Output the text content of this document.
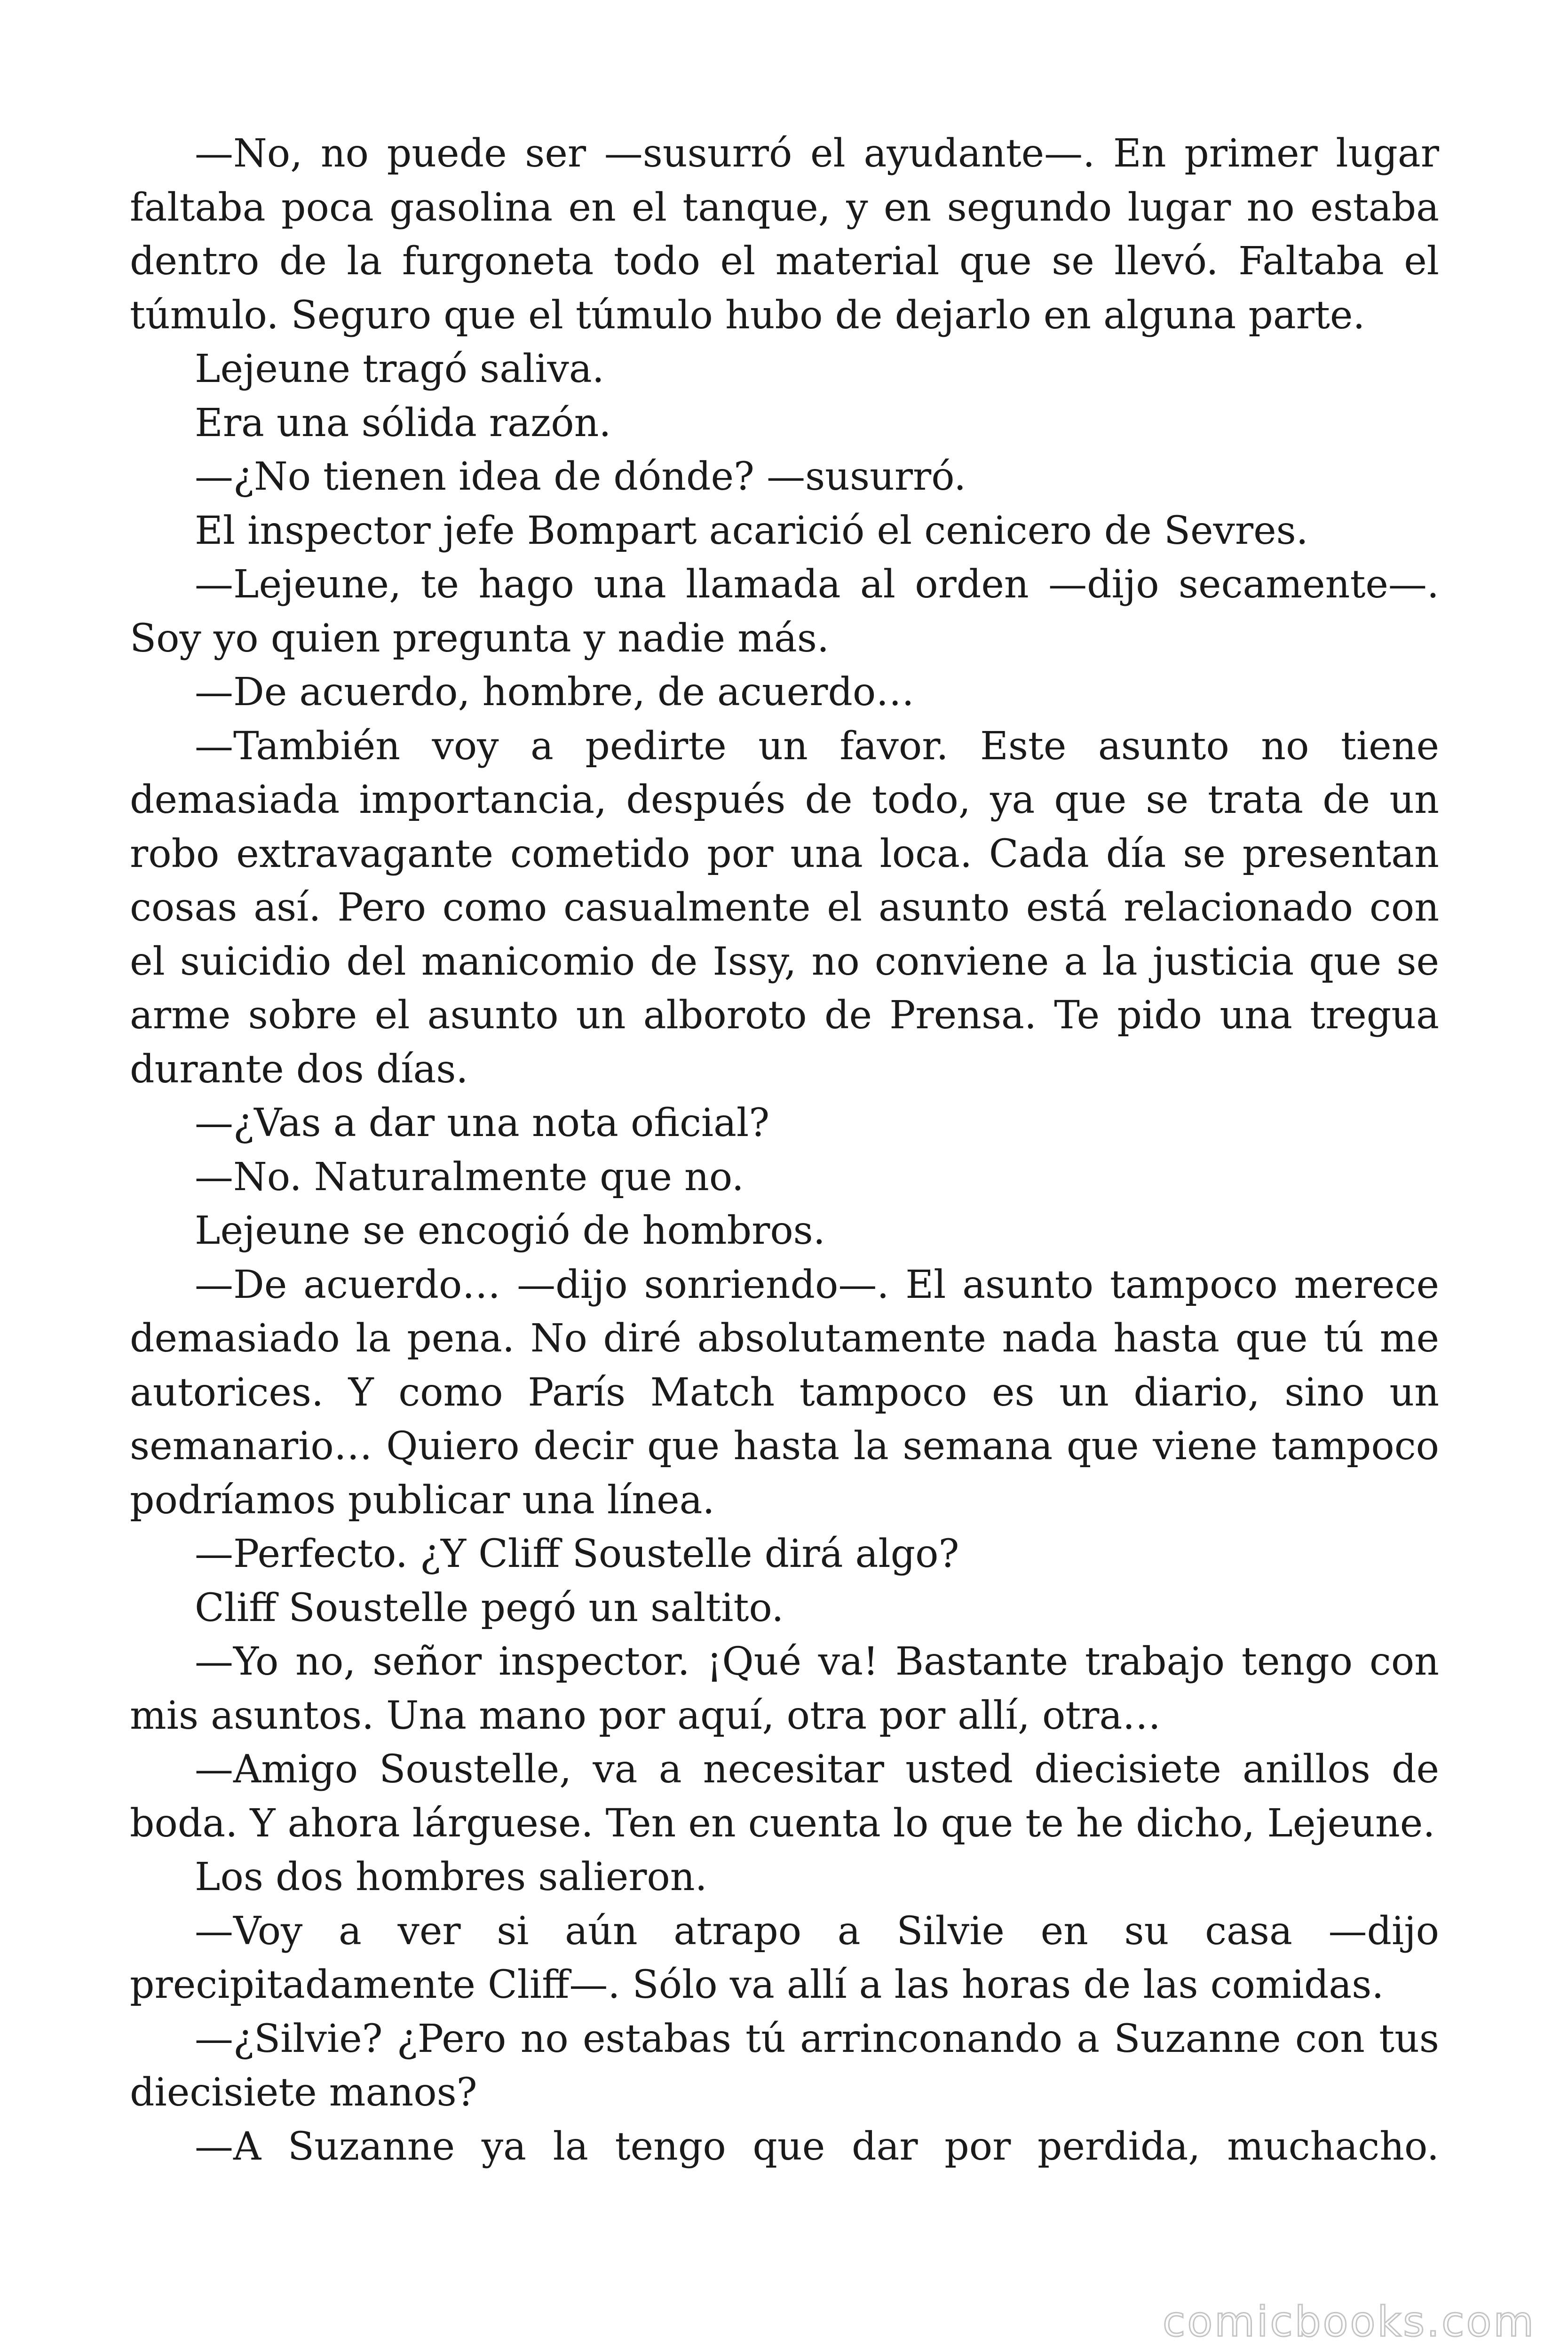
—No, no puede ser —susurró el ayudante—. En primer lugar faltaba poca gasolina en el tanque, y en segundo lugar no estaba dentro de la furgoneta todo el material que se llevó. Faltaba el túmulo. Seguro que el túmulo hubo de dejarlo en alguna parte.

Lejeune tragó saliva.

Era una sólida razón.

—¿No tienen idea de dónde? —susurró.

El inspector jefe Bompart acarició el cenicero de Sevres.

—Lejeune, te hago una llamada al orden —dijo secamente—. Soy yo quien pregunta y nadie más.

—De acuerdo, hombre, de acuerdo…

—También voy a pedirte un favor. Este asunto no tiene demasiada importancia, después de todo, ya que se trata de un robo extravagante cometido por una loca. Cada día se presentan cosas así. Pero como casualmente el asunto está relacionado con el suicidio del manicomio de Issy, no conviene a la justicia que se arme sobre el asunto un alboroto de Prensa. Te pido una tregua durante dos días.

—¿Vas a dar una nota oficial?

—No. Naturalmente que no.

Lejeune se encogió de hombros.

—De acuerdo… —dijo sonriendo—. El asunto tampoco merece demasiado la pena. No diré absolutamente nada hasta que tú me autorices. Y como París Match tampoco es un diario, sino un semanario… Quiero decir que hasta la semana que viene tampoco podríamos publicar una línea.

—Perfecto. ¿Y Cliff Soustelle dirá algo?

Cliff Soustelle pegó un saltito.

—Yo no, señor inspector. ¡Qué va! Bastante trabajo tengo con mis asuntos. Una mano por aquí, otra por allí, otra…

—Amigo Soustelle, va a necesitar usted diecisiete anillos de boda. Y ahora lárguese. Ten en cuenta lo que te he dicho, Lejeune.

Los dos hombres salieron.

—Voy a ver si aún atrapo a Silvie en su casa —dijo precipitadamente Cliff—. Sólo va allí a las horas de las comidas.

—¿Silvie? ¿Pero no estabas tú arrinconando a Suzanne con tus diecisiete manos?

—A Suzanne ya la tengo que dar por perdida, muchacho.

comicbooks.com
